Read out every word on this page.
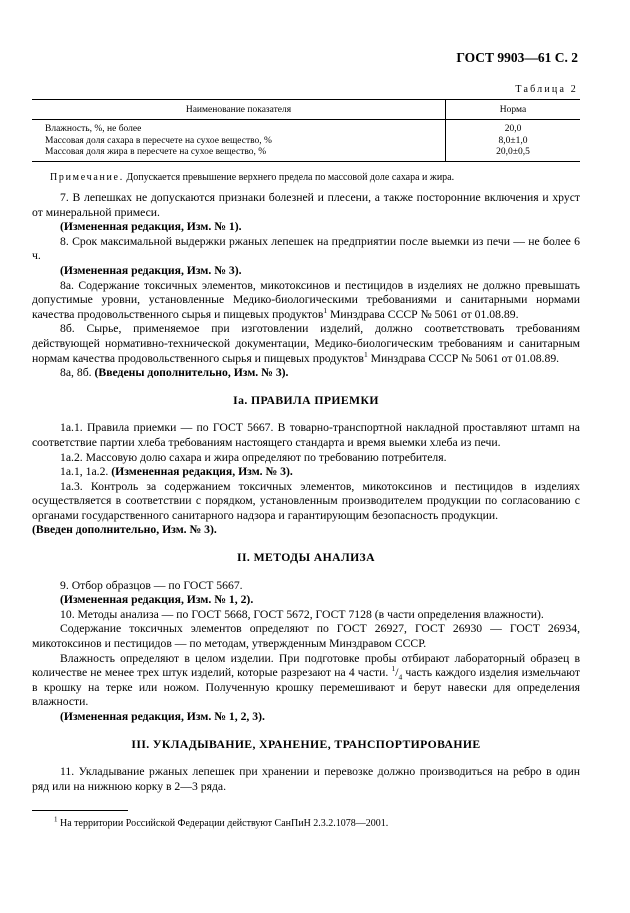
ГОСТ 9903—61 С. 2
Таблица 2
Наименование показателя	Норма
Влажность, %, не более	20,0
Массовая доля сахара в пересчете на сухое вещество, %	8,0±1,0
Массовая доля жира в пересчете на сухое вещество, %	20,0±0,5
Примечание. Допускается превышение верхнего предела по массовой доле сахара и жира.

7. В лепешках не допускаются признаки болезней и плесени, а также посторонние включения и хруст от минеральной примеси.

(Измененная редакция, Изм. № 1).

8. Срок максимальной выдержки ржаных лепешек на предприятии после выемки из печи — не более 6 ч.

(Измененная редакция, Изм. № 3).

8а. Содержание токсичных элементов, микотоксинов и пестицидов в изделиях не должно превышать допустимые уровни, установленные Медико-биологическими требованиями и санитарными нормами качества продовольственного сырья и пищевых продуктов$^1$ Минздрава СССР № 5061 от 01.08.89.

8б. Сырье, применяемое при изготовлении изделий, должно соответствовать требованиям действующей нормативно-технической документации, Медико-биологическим требованиям и санитарным нормам качества продовольственного сырья и пищевых продуктов$^1$ Минздрава СССР № 5061 от 01.08.89.

8а, 8б. (Введены дополнительно, Изм. № 3).

Iа. ПРАВИЛА ПРИЕМКИ

1а.1. Правила приемки — по ГОСТ 5667. В товарно-транспортной накладной проставляют штамп на соответствие партии хлеба требованиям настоящего стандарта и время выемки хлеба из печи.

1а.2. Массовую долю сахара и жира определяют по требованию потребителя.

1а.1, 1а.2. (Измененная редакция, Изм. № 3).

1а.3. Контроль за содержанием токсичных элементов, микотоксинов и пестицидов в изделиях осуществляется в соответствии с порядком, установленным производителем продукции по согласованию с органами государственного санитарного надзора и гарантирующим безопасность продукции.

(Введен дополнительно, Изм. № 3).

II. МЕТОДЫ АНАЛИЗА

9. Отбор образцов — по ГОСТ 5667.

(Измененная редакция, Изм. № 1, 2).

10. Методы анализа — по ГОСТ 5668, ГОСТ 5672, ГОСТ 7128 (в части определения влажности).

Содержание токсичных элементов определяют по ГОСТ 26927, ГОСТ 26930 — ГОСТ 26934, микотоксинов и пестицидов — по методам, утвержденным Минздравом СССР.

Влажность определяют в целом изделии. При подготовке пробы отбирают лабораторный образец в количестве не менее трех штук изделий, которые разрезают на 4 части. $^1/_4$ часть каждого изделия измельчают в крошку на терке или ножом. Полученную крошку перемешивают и берут навески для определения влажности.

(Измененная редакция, Изм. № 1, 2, 3).

III. УКЛАДЫВАНИЕ, ХРАНЕНИЕ, ТРАНСПОРТИРОВАНИЕ

11. Укладывание ржаных лепешек при хранении и перевозке должно производиться на ребро в один ряд или на нижнюю корку в 2—3 ряда.

$^1$ На территории Российской Федерации действуют СанПиН 2.3.2.1078—2001.
